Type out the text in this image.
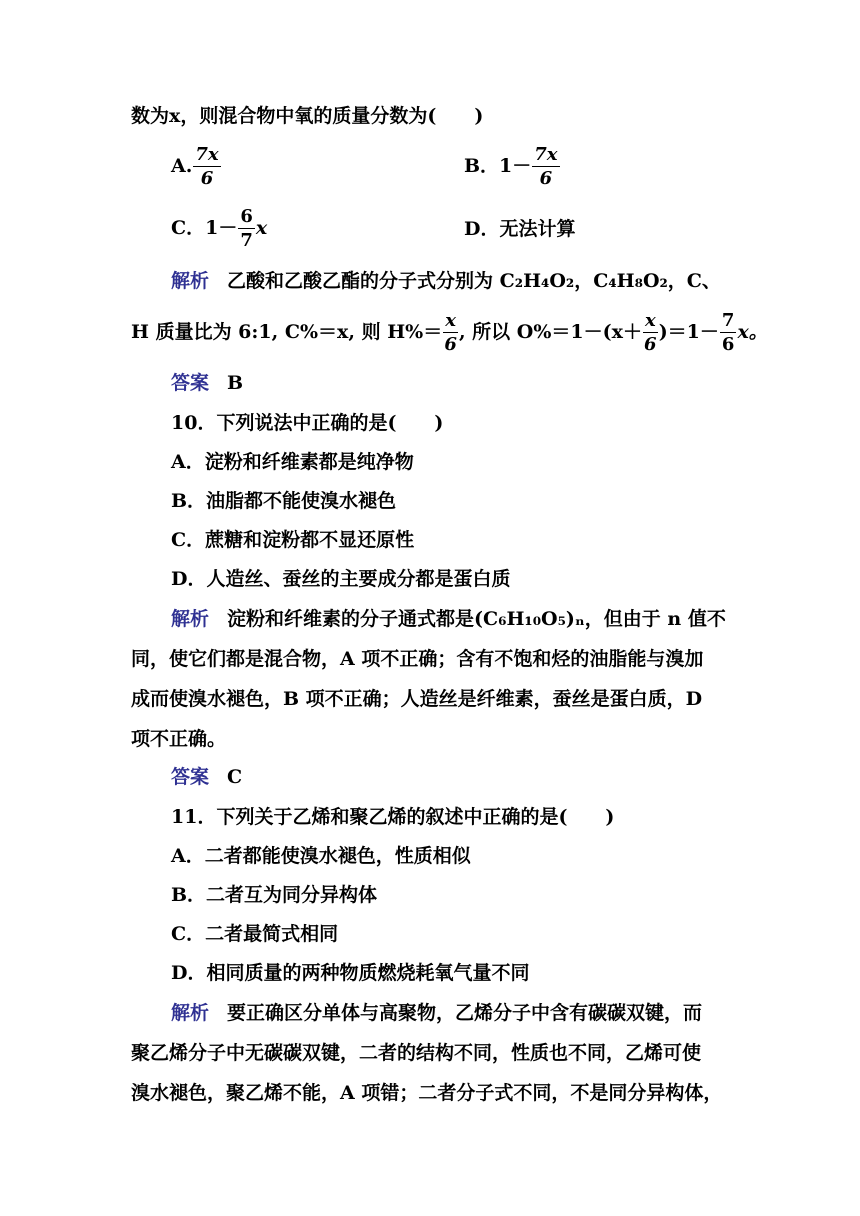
数为x，则混合物中氧的质量分数为(　　)
A. $\frac{7x}{6}$	B．$1- \frac{7x}{6}$
C．$1- \frac{6}{7}$ x	D．无法计算
解析 乙酸和乙酸乙酯的分子式分别为 C₂H₄O₂，C₄H₈O₂，C、
H 质量比为 6:1, C%＝x, 则 $H\%= \frac{x}{6}$ , 所以 $O\%=1-(x+ \frac{x}{6} )=1- \frac{7}{6}$ x。
答案 B
10．下列说法中正确的是(　　)
A．淀粉和纤维素都是纯净物
B．油脂都不能使溴水褪色
C．蔗糖和淀粉都不显还原性
D．人造丝、蚕丝的主要成分都是蛋白质
解析 淀粉和纤维素的分子通式都是(C₆H₁₀O₅)ₙ，但由于 n 值不
同，使它们都是混合物，A 项不正确；含有不饱和烃的油脂能与溴加
成而使溴水褪色，B 项不正确；人造丝是纤维素，蚕丝是蛋白质，D
项不正确。
答案 C
11．下列关于乙烯和聚乙烯的叙述中正确的是(　　)
A．二者都能使溴水褪色，性质相似
B．二者互为同分异构体
C．二者最简式相同
D．相同质量的两种物质燃烧耗氧气量不同
解析 要正确区分单体与高聚物，乙烯分子中含有碳碳双键，而
聚乙烯分子中无碳碳双键，二者的结构不同，性质也不同，乙烯可使
溴水褪色，聚乙烯不能，A 项错；二者分子式不同，不是同分异构体，
